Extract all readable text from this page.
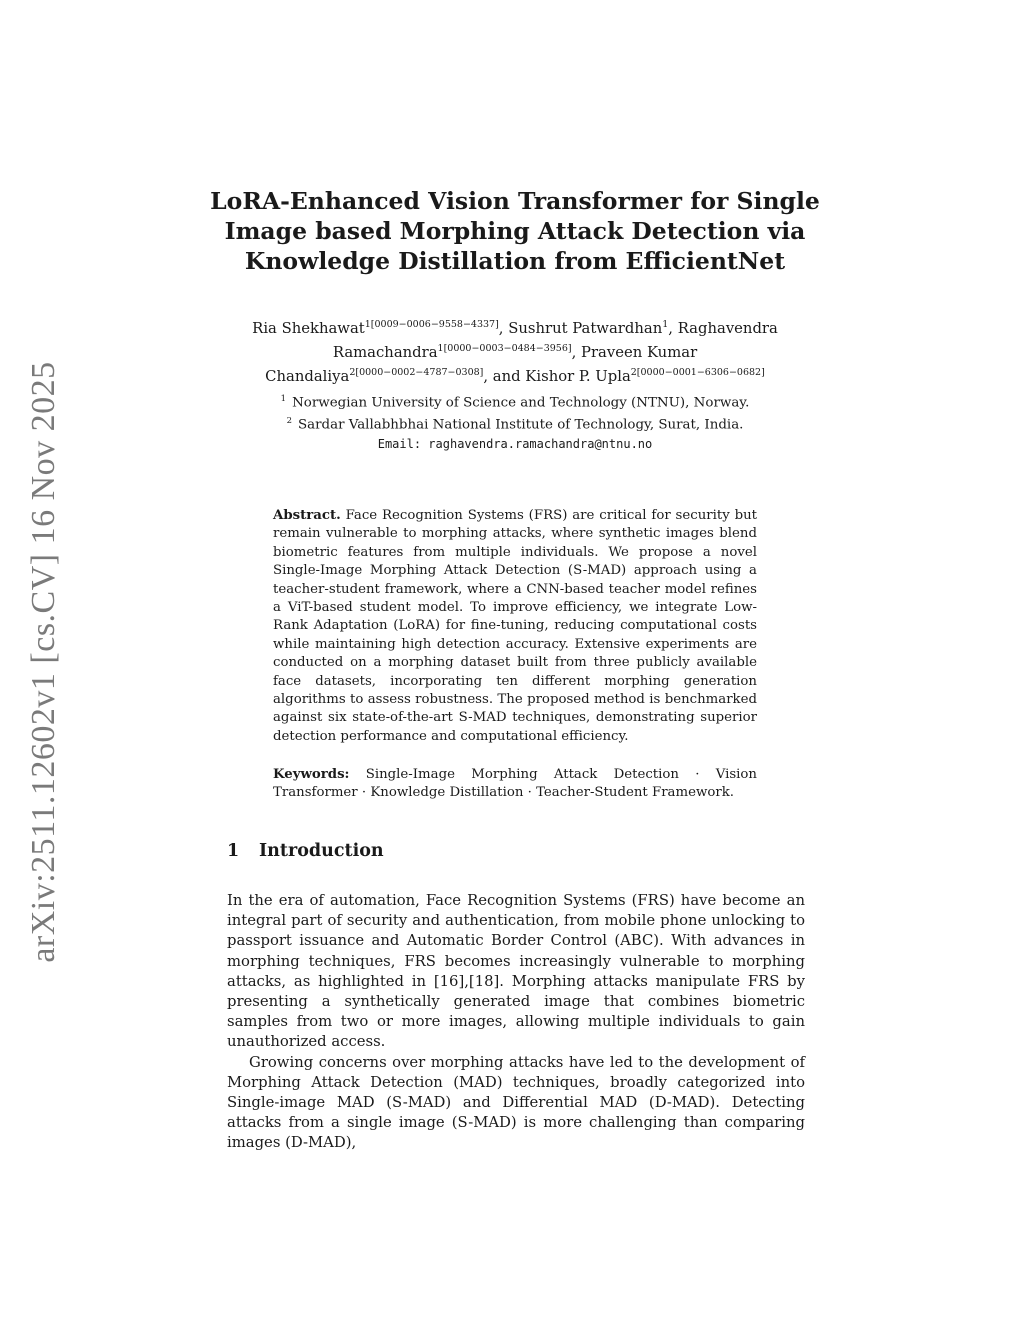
arXiv:2511.12602v1 [cs.CV] 16 Nov 2025
LoRA-Enhanced Vision Transformer for Single
Image based Morphing Attack Detection via
Knowledge Distillation from EfficientNet
Ria Shekhawat$^{1[0009-0006-9558-4337]}$, Sushrut Patwardhan$^1$, Raghavendra
Ramachandra$^{1[0000-0003-0484-3956]}$, Praveen Kumar
Chandaliya$^{2[0000-0002-4787-0308]}$, and Kishor P. Upla$^{2[0000-0001-6306-0682]}$
$^1$ Norwegian University of Science and Technology (NTNU), Norway.
$^2$ Sardar Vallabhbhai National Institute of Technology, Surat, India.
Email: raghavendra.ramachandra@ntnu.no
Abstract. Face Recognition Systems (FRS) are critical for security but remain vulnerable to morphing attacks, where synthetic images blend biometric features from multiple individuals. We propose a novel Single-Image Morphing Attack Detection (S-MAD) approach using a teacher-student framework, where a CNN-based teacher model refines a ViT-based student model. To improve efficiency, we integrate Low-Rank Adaptation (LoRA) for fine-tuning, reducing computational costs while maintaining high detection accuracy. Extensive experiments are conducted on a morphing dataset built from three publicly available face datasets, incorporating ten different morphing generation algorithms to assess robustness. The proposed method is benchmarked against six state-of-the-art S-MAD techniques, demonstrating superior detection performance and computational efficiency.
Keywords: Single-Image Morphing Attack Detection · Vision Transformer · Knowledge Distillation · Teacher-Student Framework.
1 Introduction

In the era of automation, Face Recognition Systems (FRS) have become an integral part of security and authentication, from mobile phone unlocking to passport issuance and Automatic Border Control (ABC). With advances in morphing techniques, FRS becomes increasingly vulnerable to morphing attacks, as highlighted in [16],[18]. Morphing attacks manipulate FRS by presenting a synthetically generated image that combines biometric samples from two or more images, allowing multiple individuals to gain unauthorized access.

Growing concerns over morphing attacks have led to the development of Morphing Attack Detection (MAD) techniques, broadly categorized into Single-image MAD (S-MAD) and Differential MAD (D-MAD). Detecting attacks from a single image (S-MAD) is more challenging than comparing images (D-MAD),
